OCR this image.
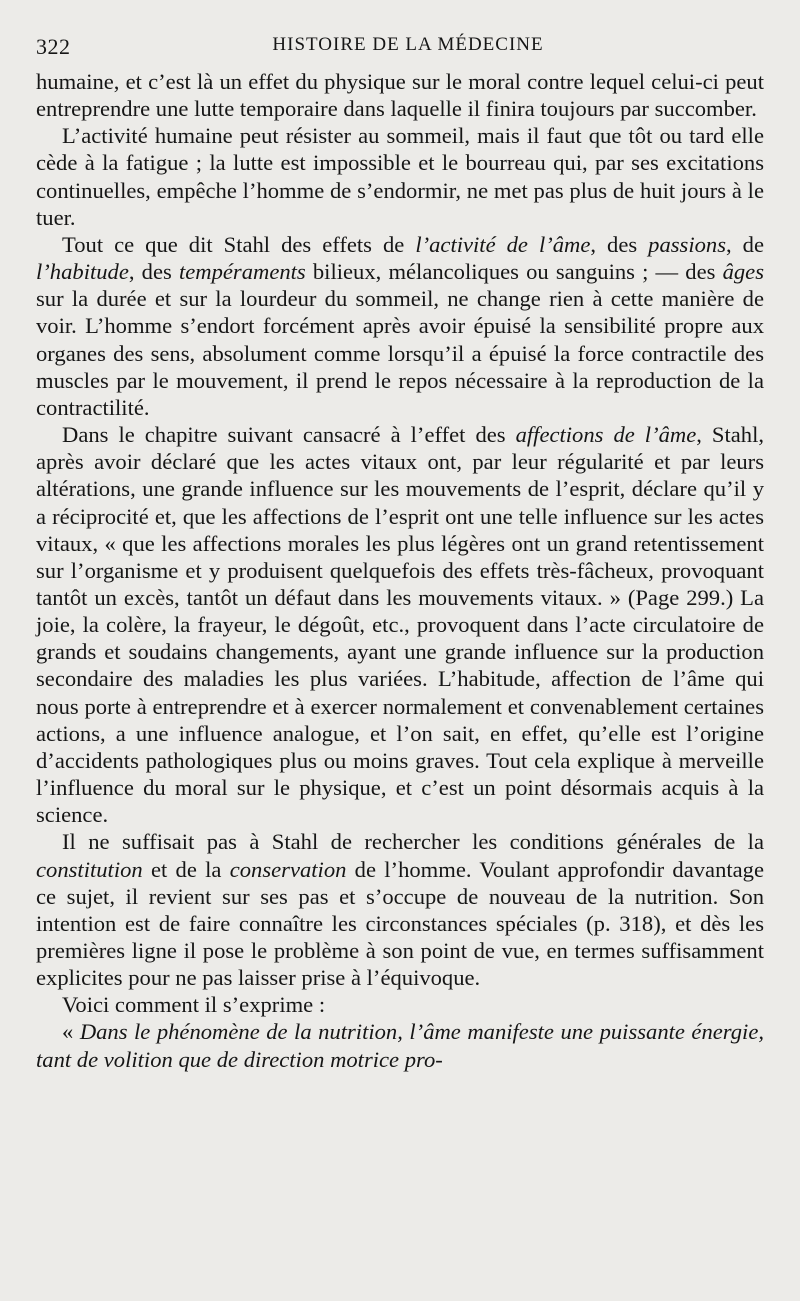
HISTOIRE DE LA MÉDECINE
322

humaine, et c’est là un effet du physique sur le moral contre lequel celui-ci peut entreprendre une lutte temporaire dans laquelle il finira toujours par succomber.

L’activité humaine peut résister au sommeil, mais il faut que tôt ou tard elle cède à la fatigue ; la lutte est impossible et le bourreau qui, par ses excitations continuelles, empêche l’homme de s’endormir, ne met pas plus de huit jours à le tuer.

Tout ce que dit Stahl des effets de l’activité de l’âme, des passions, de l’habitude, des tempéraments bilieux, mélancoliques ou sanguins ; — des âges sur la durée et sur la lourdeur du sommeil, ne change rien à cette manière de voir. L’homme s’endort forcément après avoir épuisé la sensibilité propre aux organes des sens, absolument comme lorsqu’il a épuisé la force contractile des muscles par le mouvement, il prend le repos nécessaire à la reproduction de la contractilité.

Dans le chapitre suivant cansacré à l’effet des affections de l’âme, Stahl, après avoir déclaré que les actes vitaux ont, par leur régularité et par leurs altérations, une grande influence sur les mouvements de l’esprit, déclare qu’il y a réciprocité et, que les affections de l’esprit ont une telle influence sur les actes vitaux, « que les affections morales les plus légères ont un grand retentissement sur l’organisme et y produisent quelquefois des effets très-fâcheux, provoquant tantôt un excès, tantôt un défaut dans les mouvements vitaux. » (Page 299.) La joie, la colère, la frayeur, le dégoût, etc., provoquent dans l’acte circulatoire de grands et soudains changements, ayant une grande influence sur la production secondaire des maladies les plus variées. L’habitude, affection de l’âme qui nous porte à entreprendre et à exercer normalement et convenablement certaines actions, a une influence analogue, et l’on sait, en effet, qu’elle est l’origine d’accidents pathologiques plus ou moins graves. Tout cela explique à merveille l’influence du moral sur le physique, et c’est un point désormais acquis à la science.

Il ne suffisait pas à Stahl de rechercher les conditions générales de la constitution et de la conservation de l’homme. Voulant approfondir davantage ce sujet, il revient sur ses pas et s’occupe de nouveau de la nutrition. Son intention est de faire connaître les circonstances spéciales (p. 318), et dès les premières ligne il pose le problème à son point de vue, en termes suffisamment explicites pour ne pas laisser prise à l’équivoque.

Voici comment il s’exprime :

« Dans le phénomène de la nutrition, l’âme manifeste une puissante énergie, tant de volition que de direction motrice pro-
